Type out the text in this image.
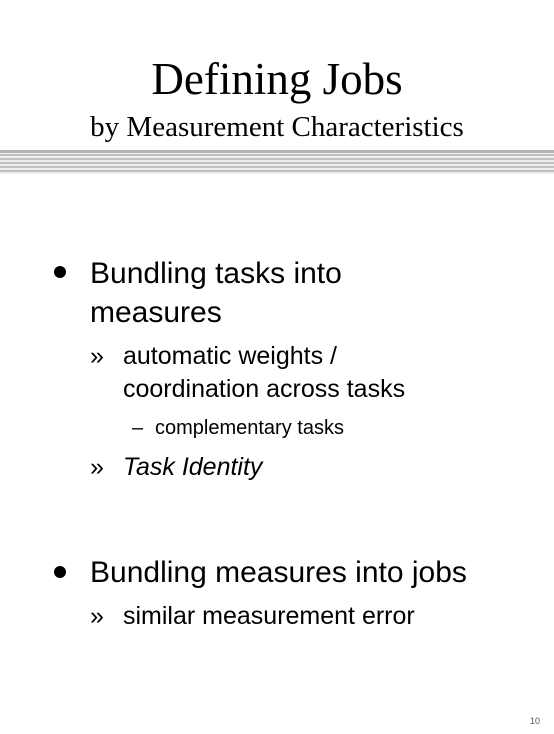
Defining Jobs
by Measurement Characteristics
Bundling tasks into
measures
» automatic weights /
coordination across tasks
– complementary tasks
» Task Identity
Bundling measures into jobs
» similar measurement error
10
